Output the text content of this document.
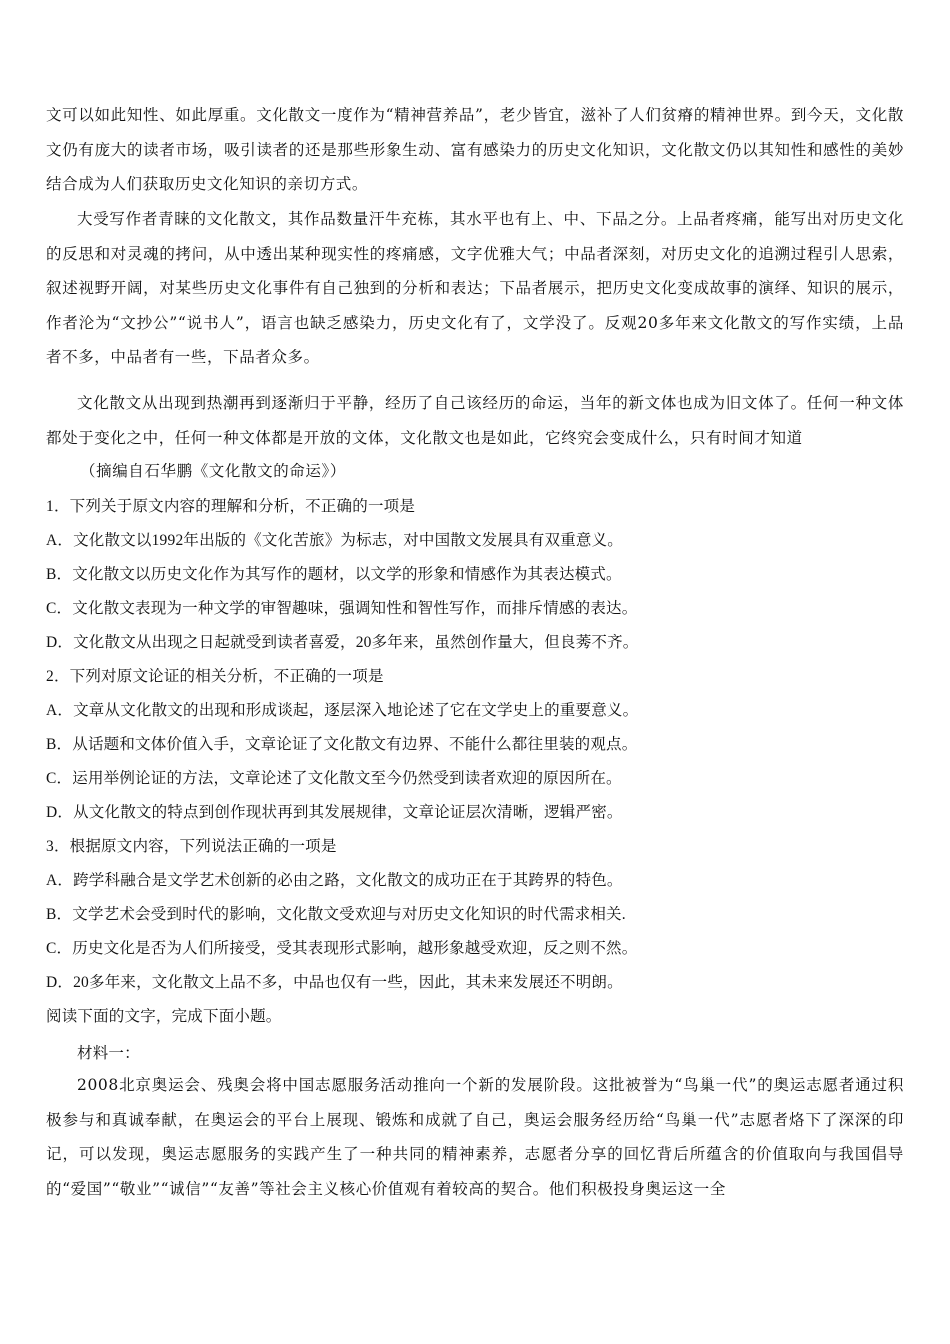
文可以如此知性、如此厚重。文化散文一度作为“精神营养品”，老少皆宜，滋补了人们贫瘠的精神世界。到今天，文化散文仍有庞大的读者市场，吸引读者的还是那些形象生动、富有感染力的历史文化知识，文化散文仍以其知性和感性的美妙结合成为人们获取历史文化知识的亲切方式。

大受写作者青睐的文化散文，其作品数量汗牛充栋，其水平也有上、中、下品之分。上品者疼痛，能写出对历史文化的反思和对灵魂的拷问，从中透出某种现实性的疼痛感，文字优雅大气；中品者深刻，对历史文化的追溯过程引人思索，叙述视野开阔，对某些历史文化事件有自己独到的分析和表达；下品者展示，把历史文化变成故事的演绎、知识的展示，作者沦为“文抄公”“说书人”，语言也缺乏感染力，历史文化有了，文学没了。反观20多年来文化散文的写作实绩，上品者不多，中品者有一些，下品者众多。

文化散文从出现到热潮再到逐渐归于平静，经历了自己该经历的命运，当年的新文体也成为旧文体了。任何一种文体都处于变化之中，任何一种文体都是开放的文体，文化散文也是如此，它终究会变成什么，只有时间才知道

（摘编自石华鹏《文化散文的命运》）
1．下列关于原文内容的理解和分析，不正确的一项是
A．文化散文以1992年出版的《文化苦旅》为标志，对中国散文发展具有双重意义。
B．文化散文以历史文化作为其写作的题材，以文学的形象和情感作为其表达模式。
C．文化散文表现为一种文学的审智趣味，强调知性和智性写作，而排斥情感的表达。
D．文化散文从出现之日起就受到读者喜爱，20多年来，虽然创作量大，但良莠不齐。
2．下列对原文论证的相关分析，不正确的一项是
A．文章从文化散文的出现和形成谈起，逐层深入地论述了它在文学史上的重要意义。
B．从话题和文体价值入手，文章论证了文化散文有边界、不能什么都往里装的观点。
C．运用举例论证的方法，文章论述了文化散文至今仍然受到读者欢迎的原因所在。
D．从文化散文的特点到创作现状再到其发展规律，文章论证层次清晰，逻辑严密。
3．根据原文内容，下列说法正确的一项是
A．跨学科融合是文学艺术创新的必由之路，文化散文的成功正在于其跨界的特色。
B．文学艺术会受到时代的影响，文化散文受欢迎与对历史文化知识的时代需求相关.
C．历史文化是否为人们所接受，受其表现形式影响，越形象越受欢迎，反之则不然。
D．20多年来，文化散文上品不多，中品也仅有一些，因此，其未来发展还不明朗。
阅读下面的文字，完成下面小题。
材料一：

2008北京奥运会、残奥会将中国志愿服务活动推向一个新的发展阶段。这批被誉为“鸟巢一代”的奥运志愿者通过积极参与和真诚奉献，在奥运会的平台上展现、锻炼和成就了自己，奥运会服务经历给“鸟巢一代”志愿者烙下了深深的印记，可以发现，奥运志愿服务的实践产生了一种共同的精神素养，志愿者分享的回忆背后所蕴含的价值取向与我国倡导的“爱国”“敬业”“诚信”“友善”等社会主义核心价值观有着较高的契合。他们积极投身奥运这一全
